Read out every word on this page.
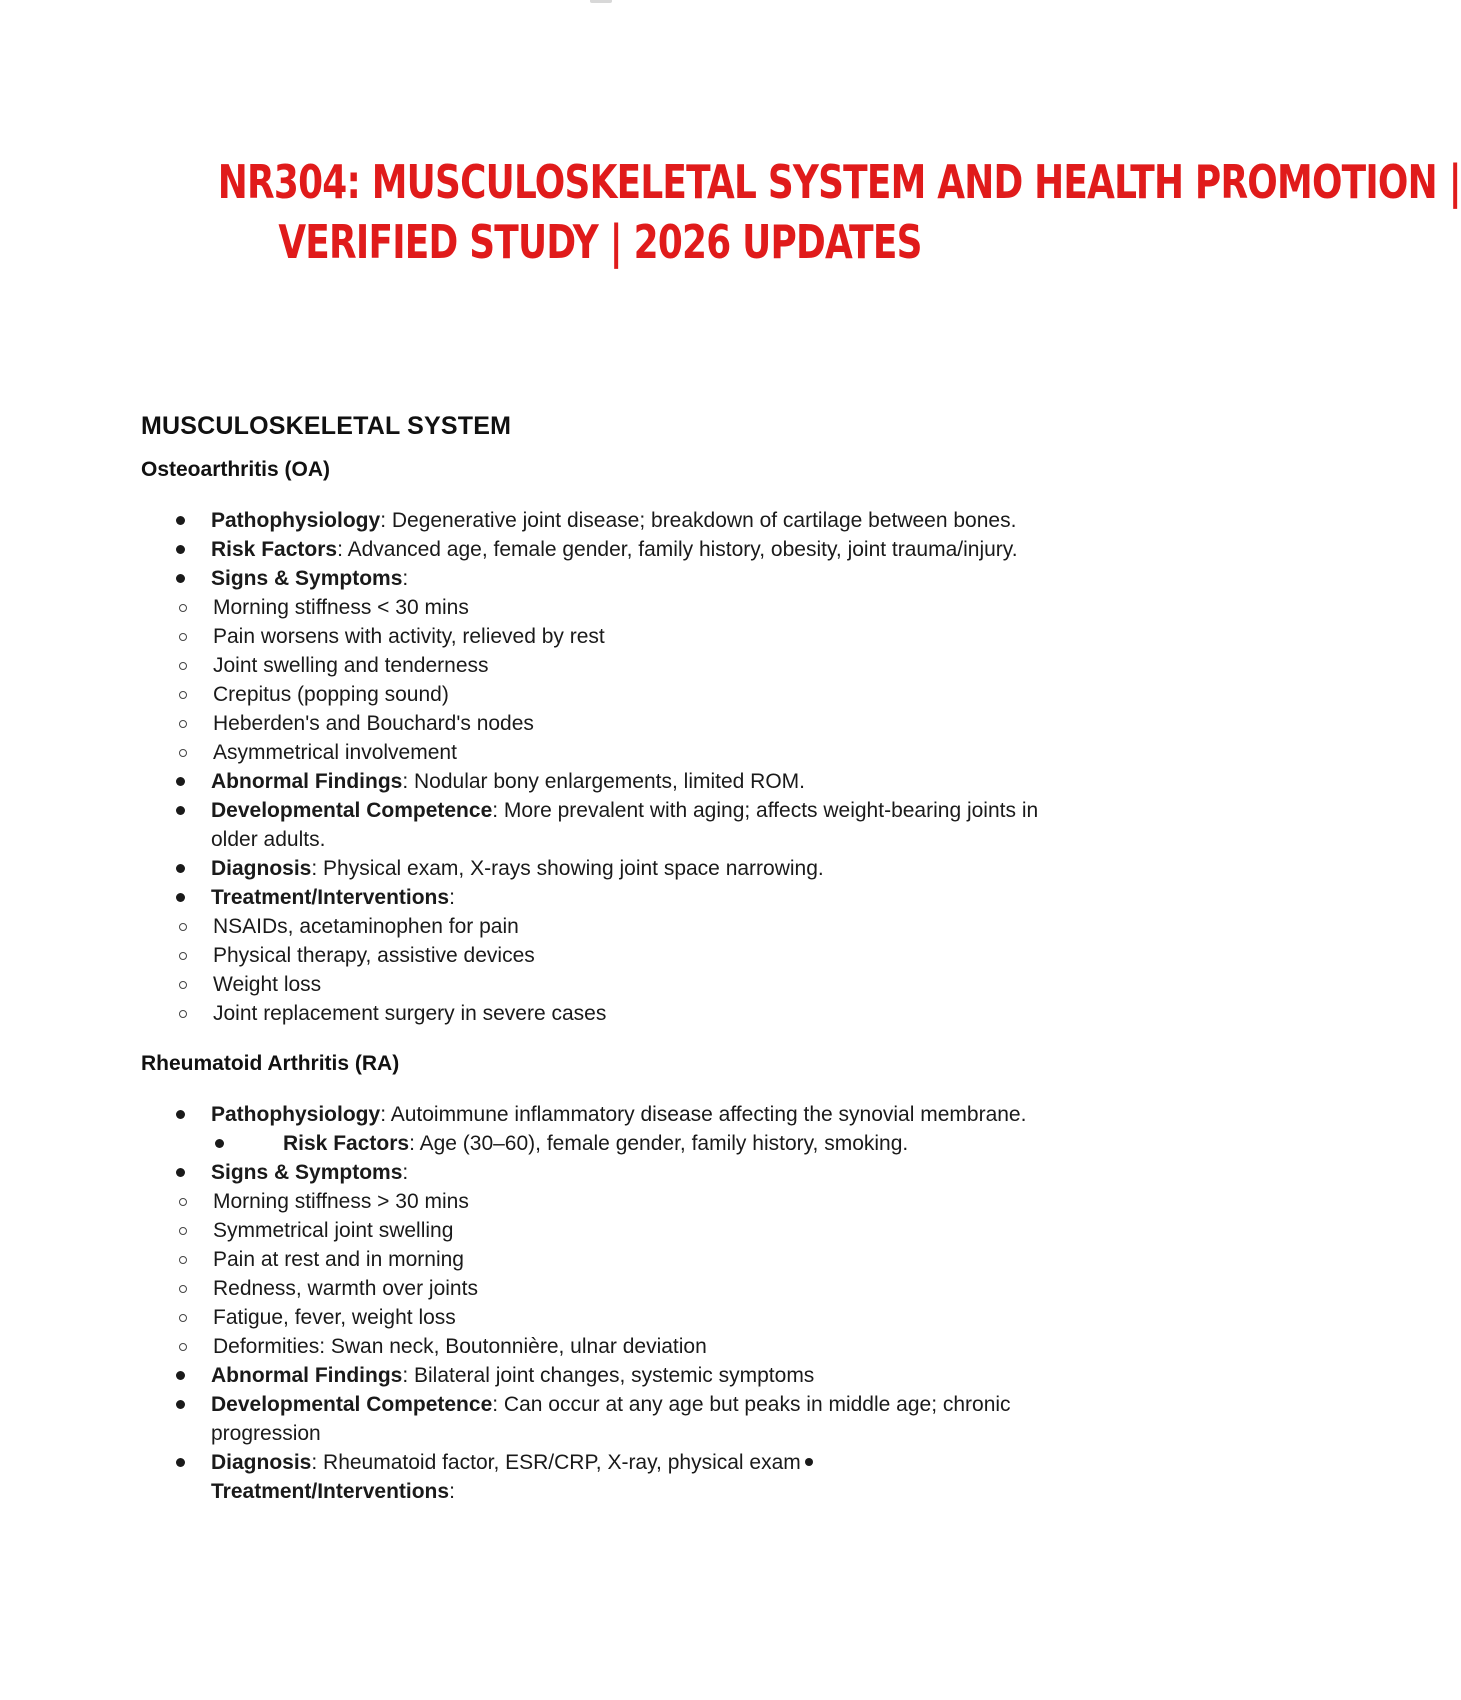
NR304: MUSCULOSKELETAL SYSTEM AND HEALTH PROMOTION |
VERIFIED STUDY | 2026 UPDATES
MUSCULOSKELETAL SYSTEM
Osteoarthritis (OA)
Pathophysiology: Degenerative joint disease; breakdown of cartilage between bones.
Risk Factors: Advanced age, female gender, family history, obesity, joint trauma/injury.
Signs & Symptoms:
Morning stiffness < 30 mins
Pain worsens with activity, relieved by rest
Joint swelling and tenderness
Crepitus (popping sound)
Heberden's and Bouchard's nodes
Asymmetrical involvement
Abnormal Findings: Nodular bony enlargements, limited ROM.
Developmental Competence: More prevalent with aging; affects weight-bearing joints in older adults.
Diagnosis: Physical exam, X-rays showing joint space narrowing.
Treatment/Interventions:
NSAIDs, acetaminophen for pain
Physical therapy, assistive devices
Weight loss
Joint replacement surgery in severe cases
Rheumatoid Arthritis (RA)
Pathophysiology: Autoimmune inflammatory disease affecting the synovial membrane.
Risk Factors: Age (30–60), female gender, family history, smoking.
Signs & Symptoms:
Morning stiffness > 30 mins
Symmetrical joint swelling
Pain at rest and in morning
Redness, warmth over joints
Fatigue, fever, weight loss
Deformities: Swan neck, Boutonnière, ulnar deviation
Abnormal Findings: Bilateral joint changes, systemic symptoms
Developmental Competence: Can occur at any age but peaks in middle age; chronic progression
Diagnosis: Rheumatoid factor, ESR/CRP, X-ray, physical exam
Treatment/Interventions:
